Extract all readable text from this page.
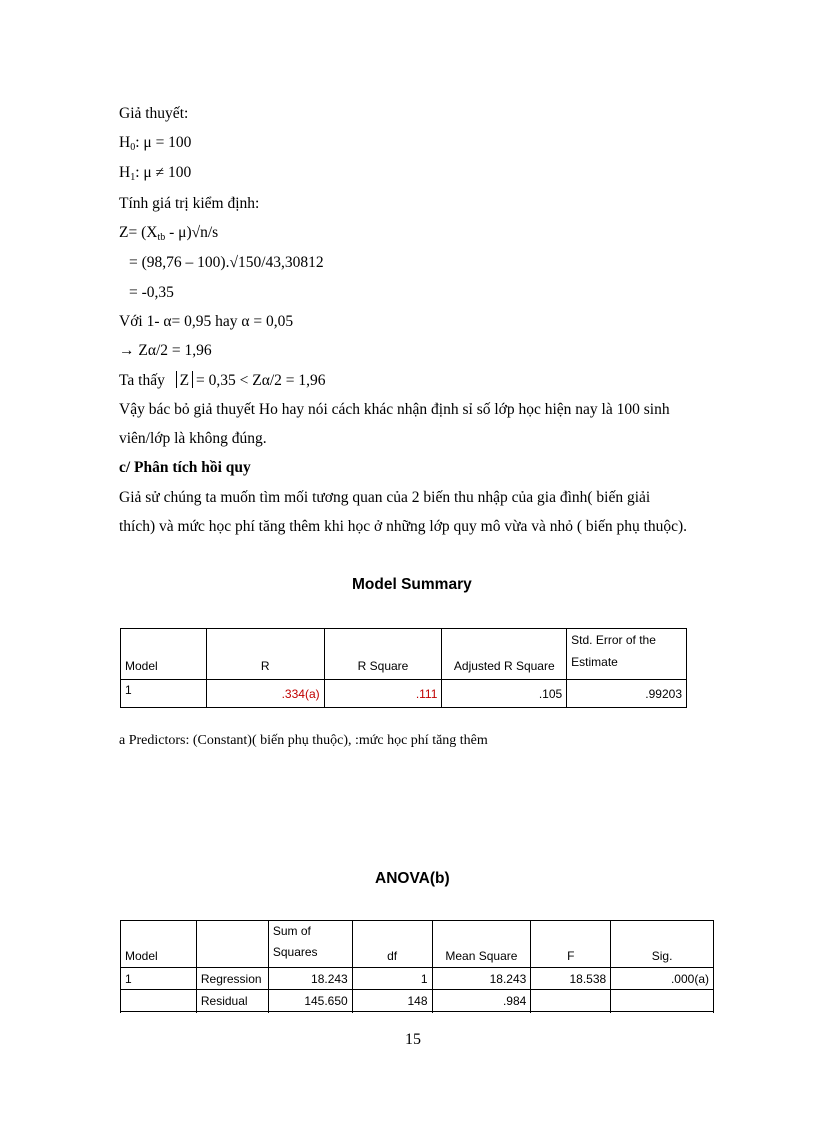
Giả thuyết:
$H_0$: μ = 100
$H_1$: μ ≠ 100
Tính giá trị kiểm định:
$Z= (X_{tb} - \mu)√n/s$
= (98,76 – 100).√150/43,30812
= -0,35
Với 1- α= 0,95 hay α = 0,05
→ Zα/2 = 1,96
Ta thấy Z = 0,35 < Zα/2 = 1,96
Vậy bác bỏ giả thuyết Ho hay nói cách khác nhận định sỉ số lớp học hiện nay là 100 sinh
viên/lớp là không đúng.
c/ Phân tích hồi quy
Giả sử chúng ta muốn tìm mối tương quan của 2 biến thu nhập của gia đình( biến giải
thích) và mức học phí tăng thêm khi học ở những lớp quy mô vừa và nhỏ ( biến phụ thuộc).
Model Summary
Model	R	R Square	Adjusted R Square	Std. Error of the
Estimate
1	.334(a)	.111	.105	.99203
a Predictors: (Constant)( biến phụ thuộc), :mức học phí tăng thêm
ANOVA(b)
Model		Sum of
Squares	df	Mean Square	F	Sig.
1	Regression	18.243	1	18.243	18.538	.000(a)
	Residual	145.650	148	.984		

15
